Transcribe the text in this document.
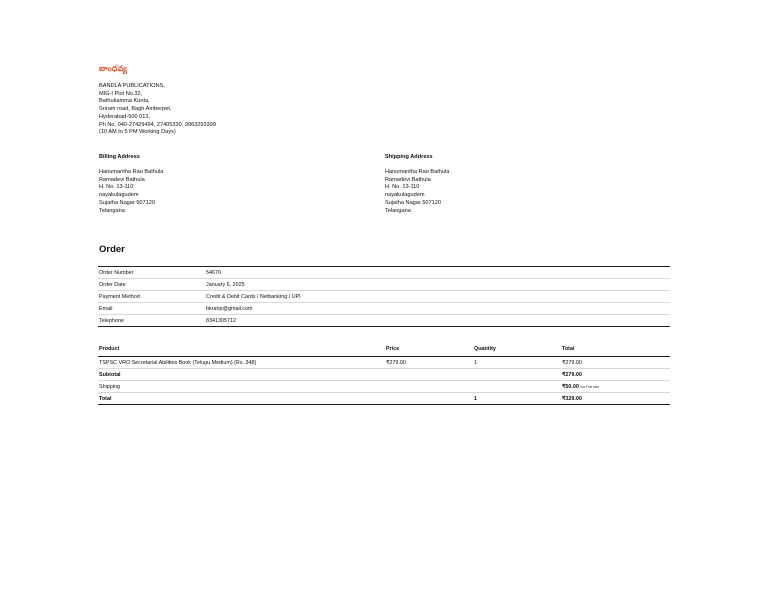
బాంధవ్య
BANDLA PUBLICATIONS,
MIG-I Plot No.32,
Bathukamma Kunta,
Sriram road, Bagh Amberpet,
Hyderabad-500 013,
Ph No. 040-27429494, 27405330, 9963293399
(10 AM to 5 PM Working Days)
Billing Address
Hanumantha Rao Bathula
Ramadevi Bathula
H. No. 13-110
nayakulagudem
Sujatha Nagar 507120
Telangana
Shipping Address
Hanumantha Rao Bathula
Ramadevi Bathula
H. No. 13-110
nayakulagudem
Sujatha Nagar 507120
Telangana
Order
Order Number	54670
Order Date	January 6, 2025
Payment Method	Credit & Debit Cards / Netbanking / UPI
Email	bkrahp@gmail.com
Telephone	8341305712
Product	Price	Quantity	Total
TSPSC VRO Secretarial Abilities Book (Telugu Medium) (Rs. 348)	₹279.00	1	₹279.00
Subtotal			₹279.00
Shipping			₹50.00 via Flat rate
Total		1	₹329.00
